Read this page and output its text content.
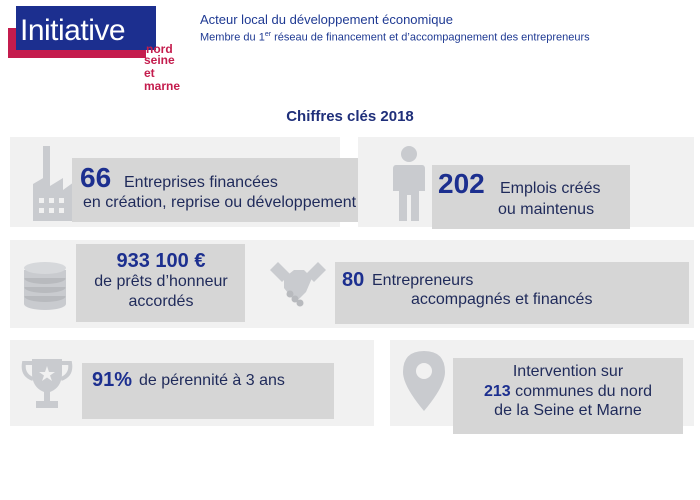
Initiative
nord
seine et marne
Acteur local du développement économique
Membre du 1er réseau de financement et d’accompagnement des entrepreneurs
Chiffres clés 2018
66 Entreprises financées
en création, reprise ou développement
202 Emplois créés
ou maintenus
933 100 €
de prêts d’honneur
accordés
80 Entrepreneurs
accompagnés et financés
91% de pérennité à 3 ans
Intervention sur
213 communes du nord
de la Seine et Marne
